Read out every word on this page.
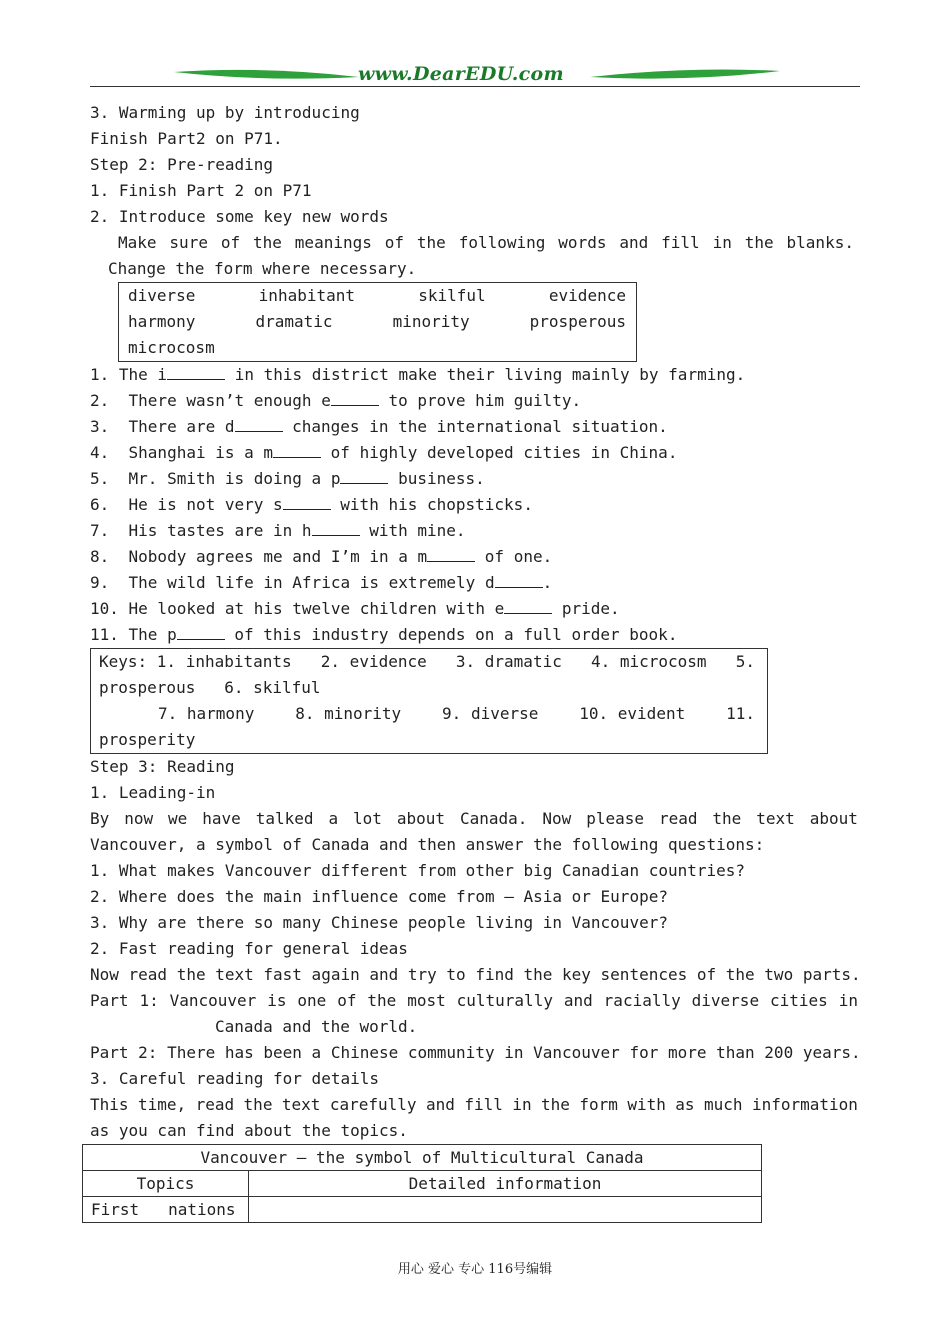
www.DearEDU.com
3. Warming up by introducing
Finish Part2 on P71.
Step 2: Pre-reading
1. Finish Part 2 on P71
2. Introduce some key new words
Make sure of the meanings of the following words and fill in the blanks.
Change the form where necessary.
diverse	inhabitant	skilful	evidence
harmony	dramatic	minority	prosperous
microcosm
1. The i	in this district make their living mainly by farming.
2.  There wasn’t enough e	to prove him guilty.
3.  There are d	changes in the international situation.
4.  Shanghai is a m	of highly developed cities in China.
5.  Mr. Smith is doing a p	business.
6.  He is not very s	with his chopsticks.
7.  His tastes are in h	with mine.
8.  Nobody agrees me and I’m in a m	of one.
9.  The wild life in Africa is extremely d	.
10. He looked at his twelve children with e	pride.
11. The p	of this industry depends on a full order book.
Keys: 1. inhabitants 2. evidence 3. dramatic 4. microcosm 5.
prosperous   6. skilful
7. harmony	8. minority	9. diverse	10. evident	11.
prosperity
Step 3: Reading
1. Leading-in
By now we have talked a lot about Canada. Now please read the text about
Vancouver, a symbol of Canada and then answer the following questions:
1. What makes Vancouver different from other big Canadian countries?
2. Where does the main influence come from – Asia or Europe?
3. Why are there so many Chinese people living in Vancouver?
2. Fast reading for general ideas
Now read the text fast again and try to find the key sentences of the two parts.
Part 1: Vancouver is one of the most culturally and racially diverse cities in
Canada and the world.
Part 2: There has been a Chinese community in Vancouver for more than 200 years.
3. Careful reading for details
This time, read the text carefully and fill in the form with as much information
as you can find about the topics.
Vancouver – the symbol of Multicultural Canada	
Topics	Detailed information
First   nations	
用心 爱心 专心 116号编辑
